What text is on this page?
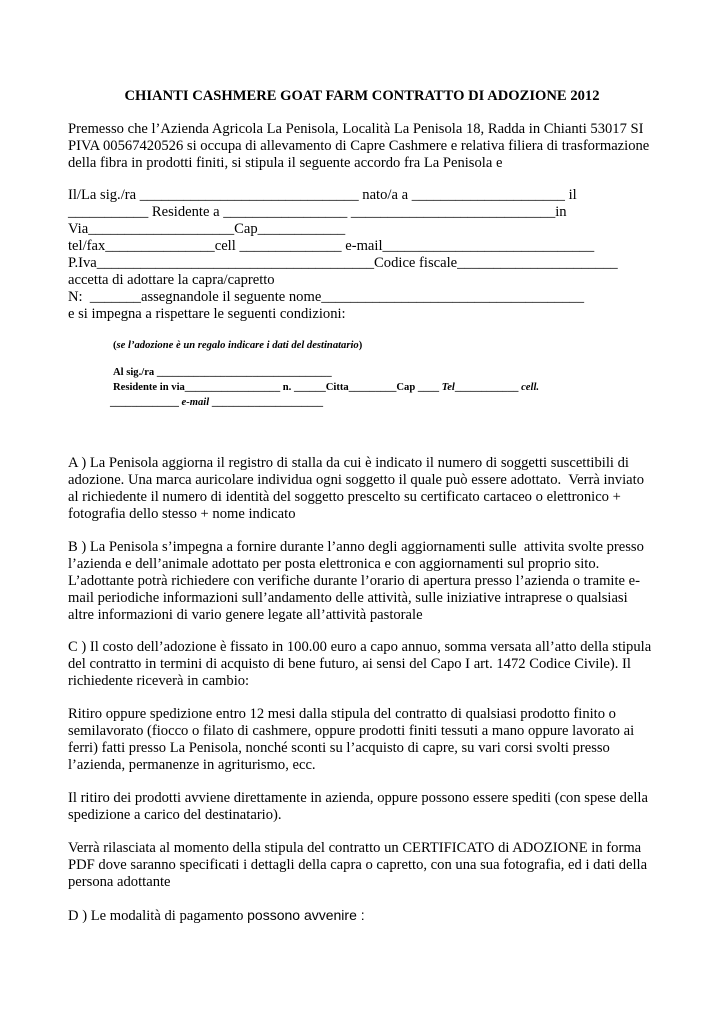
CHIANTI CASHMERE GOAT FARM CONTRATTO DI ADOZIONE 2012
Premesso che l’Azienda Agricola La Penisola, Località La Penisola 18, Radda in Chianti 53017 SI
PIVA 00567420526 si occupa di allevamento di Capre Cashmere e relativa filiera di trasformazione
della fibra in prodotti finiti, si stipula il seguente accordo fra La Penisola e
Il/La sig./ra ______________________________ nato/a a _____________________ il
___________ Residente a _________________ ____________________________in
Via____________________Cap____________
tel/fax_______________cell ______________ e-mail_____________________________
P.Iva______________________________________Codice fiscale______________________
accetta di adottare la capra/capretto
N:  _______assegnandole il seguente nome____________________________________
e si impegna a rispettare le seguenti condizioni:
(se l’adozione è un regalo indicare i dati del destinatario)
Al sig./ra _________________________________
Residente in via__________________ n. ______Citta_________Cap ____ Tel____________ cell.
_____________ e-mail _____________________
A ) La Penisola aggiorna il registro di stalla da cui è indicato il numero di soggetti suscettibili di
adozione. Una marca auricolare individua ogni soggetto il quale può essere adottato.  Verrà inviato
al richiedente il numero di identità del soggetto prescelto su certificato cartaceo o elettronico +
fotografia dello stesso + nome indicato
B ) La Penisola s’impegna a fornire durante l’anno degli aggiornamenti sulle  attivita svolte presso
l’azienda e dell’animale adottato per posta elettronica e con aggiornamenti sul proprio sito.
L’adottante potrà richiedere con verifiche durante l’orario di apertura presso l’azienda o tramite e-
mail periodiche informazioni sull’andamento delle attività, sulle iniziative intraprese o qualsiasi
altre informazioni di vario genere legate all’attività pastorale
C ) Il costo dell’adozione è fissato in 100.00 euro a capo annuo, somma versata all’atto della stipula
del contratto in termini di acquisto di bene futuro, ai sensi del Capo I art. 1472 Codice Civile). Il
richiedente riceverà in cambio:
Ritiro oppure spedizione entro 12 mesi dalla stipula del contratto di qualsiasi prodotto finito o
semilavorato (fiocco o filato di cashmere, oppure prodotti finiti tessuti a mano oppure lavorato ai
ferri) fatti presso La Penisola, nonché sconti su l’acquisto di capre, su vari corsi svolti presso
l’azienda, permanenze in agriturismo, ecc.
Il ritiro dei prodotti avviene direttamente in azienda, oppure possono essere spediti (con spese della
spedizione a carico del destinatario).
Verrà rilasciata al momento della stipula del contratto un CERTIFICATO di ADOZIONE in forma
PDF dove saranno specificati i dettagli della capra o capretto, con una sua fotografia, ed i dati della
persona adottante
D ) Le modalità di pagamento possono avvenire :
